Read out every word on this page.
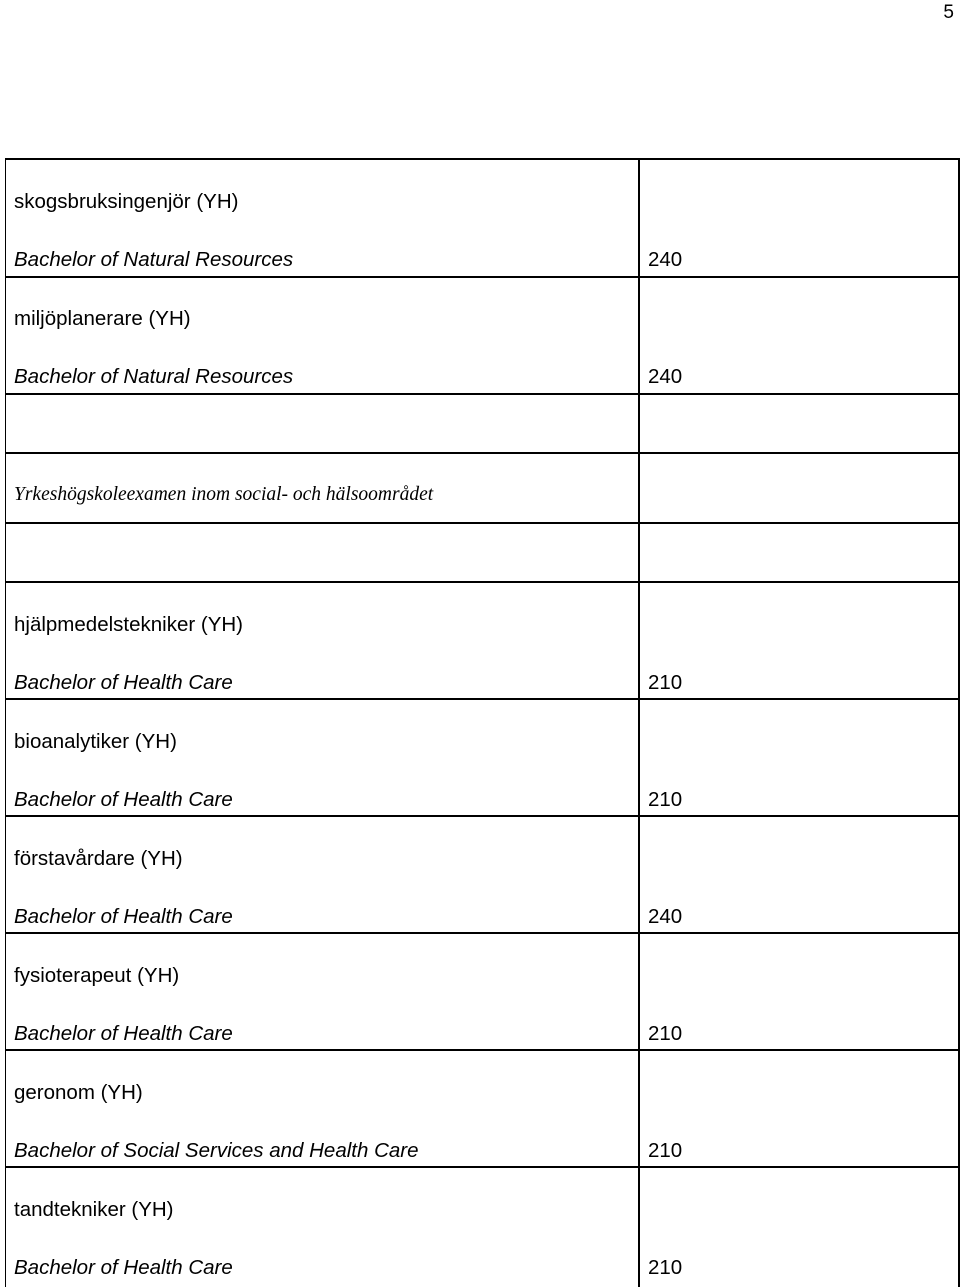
5
skogsbruksingenjör (YH)
Bachelor of Natural Resources	240
miljöplanerare (YH)
Bachelor of Natural Resources	240
Yrkeshögskoleexamen inom social- och hälsoområdet
hjälpmedelstekniker (YH)
Bachelor of Health Care	210
bioanalytiker (YH)
Bachelor of Health Care	210
förstavårdare (YH)
Bachelor of Health Care	240
fysioterapeut (YH)
Bachelor of Health Care	210
geronom (YH)
Bachelor of Social Services and Health Care	210
tandtekniker (YH)
Bachelor of Health Care	210
